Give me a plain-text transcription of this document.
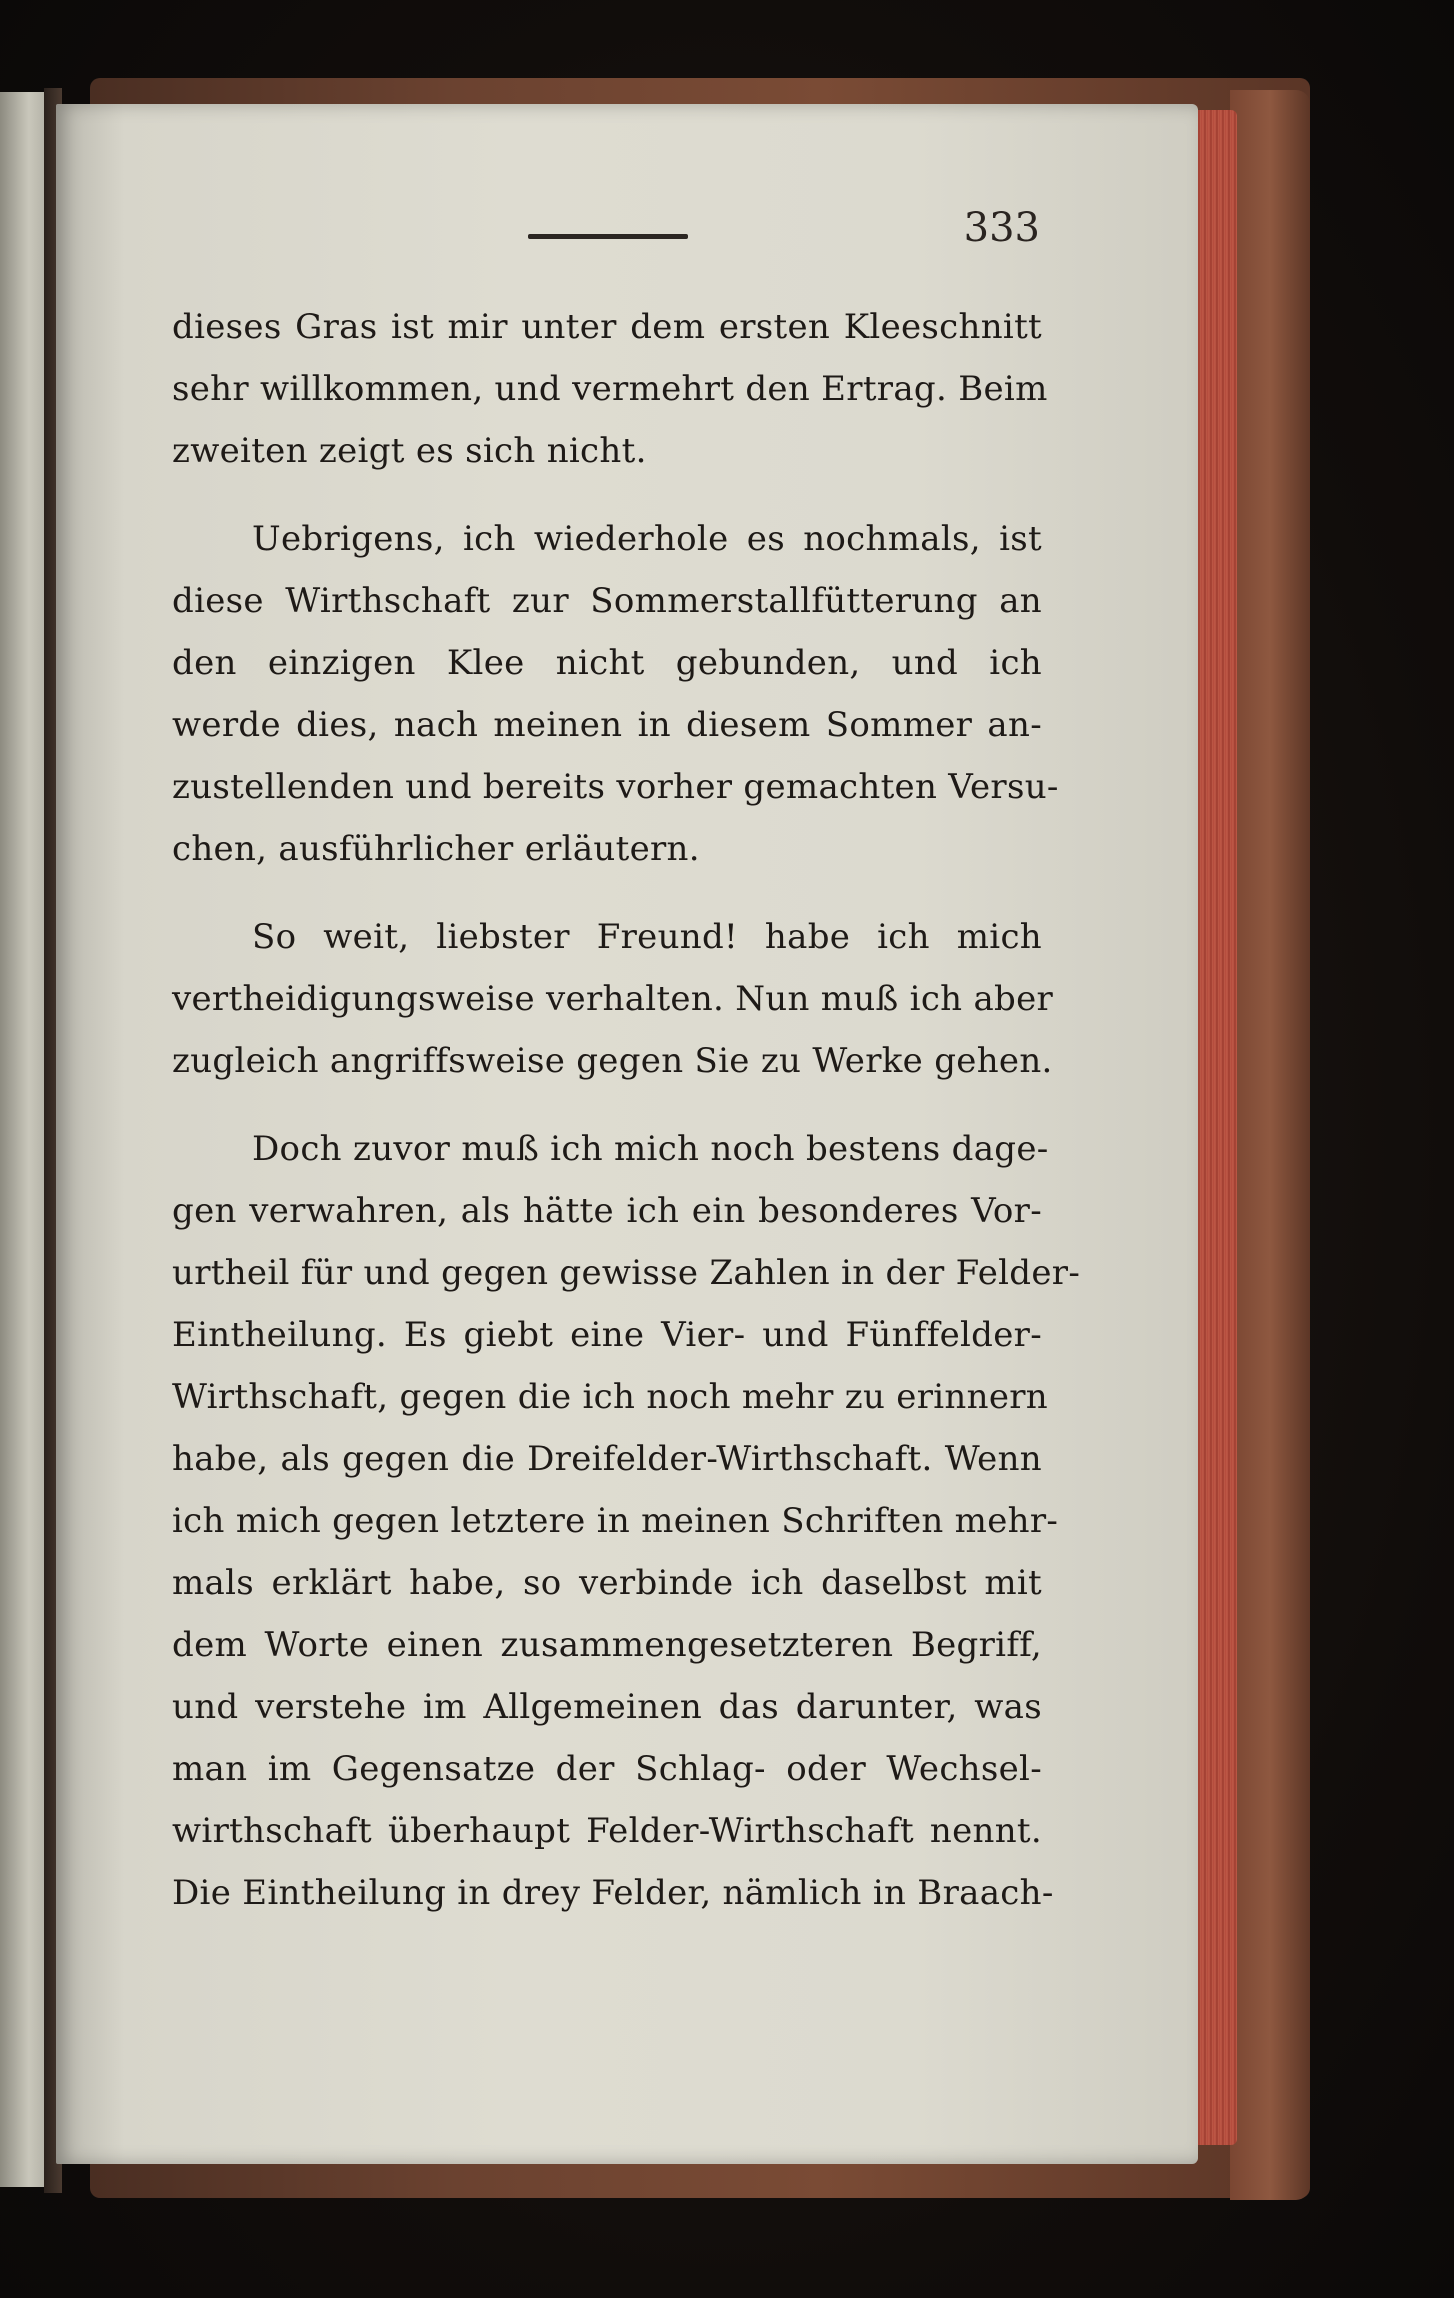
333

dieses Gras ist mir unter dem ersten Kleeschnitt
sehr willkommen, und vermehrt den Ertrag. Beim
zweiten zeigt es sich nicht.
Uebrigens, ich wiederhole es nochmals, ist
diese Wirthschaft zur Sommerstallfütterung an
den einzigen Klee nicht gebunden, und ich
werde dies, nach meinen in diesem Sommer an-
zustellenden und bereits vorher gemachten Versu-
chen, ausführlicher erläutern.
So weit, liebster Freund! habe ich mich
vertheidigungsweise verhalten. Nun muß ich aber
zugleich angriffsweise gegen Sie zu Werke gehen.
Doch zuvor muß ich mich noch bestens dage-
gen verwahren, als hätte ich ein besonderes Vor-
urtheil für und gegen gewisse Zahlen in der Felder-
Eintheilung. Es giebt eine Vier- und Fünffelder-
Wirthschaft, gegen die ich noch mehr zu erinnern
habe, als gegen die Dreifelder-Wirthschaft. Wenn
ich mich gegen letztere in meinen Schriften mehr-
mals erklärt habe, so verbinde ich daselbst mit
dem Worte einen zusammengesetzteren Begriff,
und verstehe im Allgemeinen das darunter, was
man im Gegensatze der Schlag- oder Wechsel-
wirthschaft überhaupt Felder-Wirthschaft nennt.
Die Eintheilung in drey Felder, nämlich in Braach-
